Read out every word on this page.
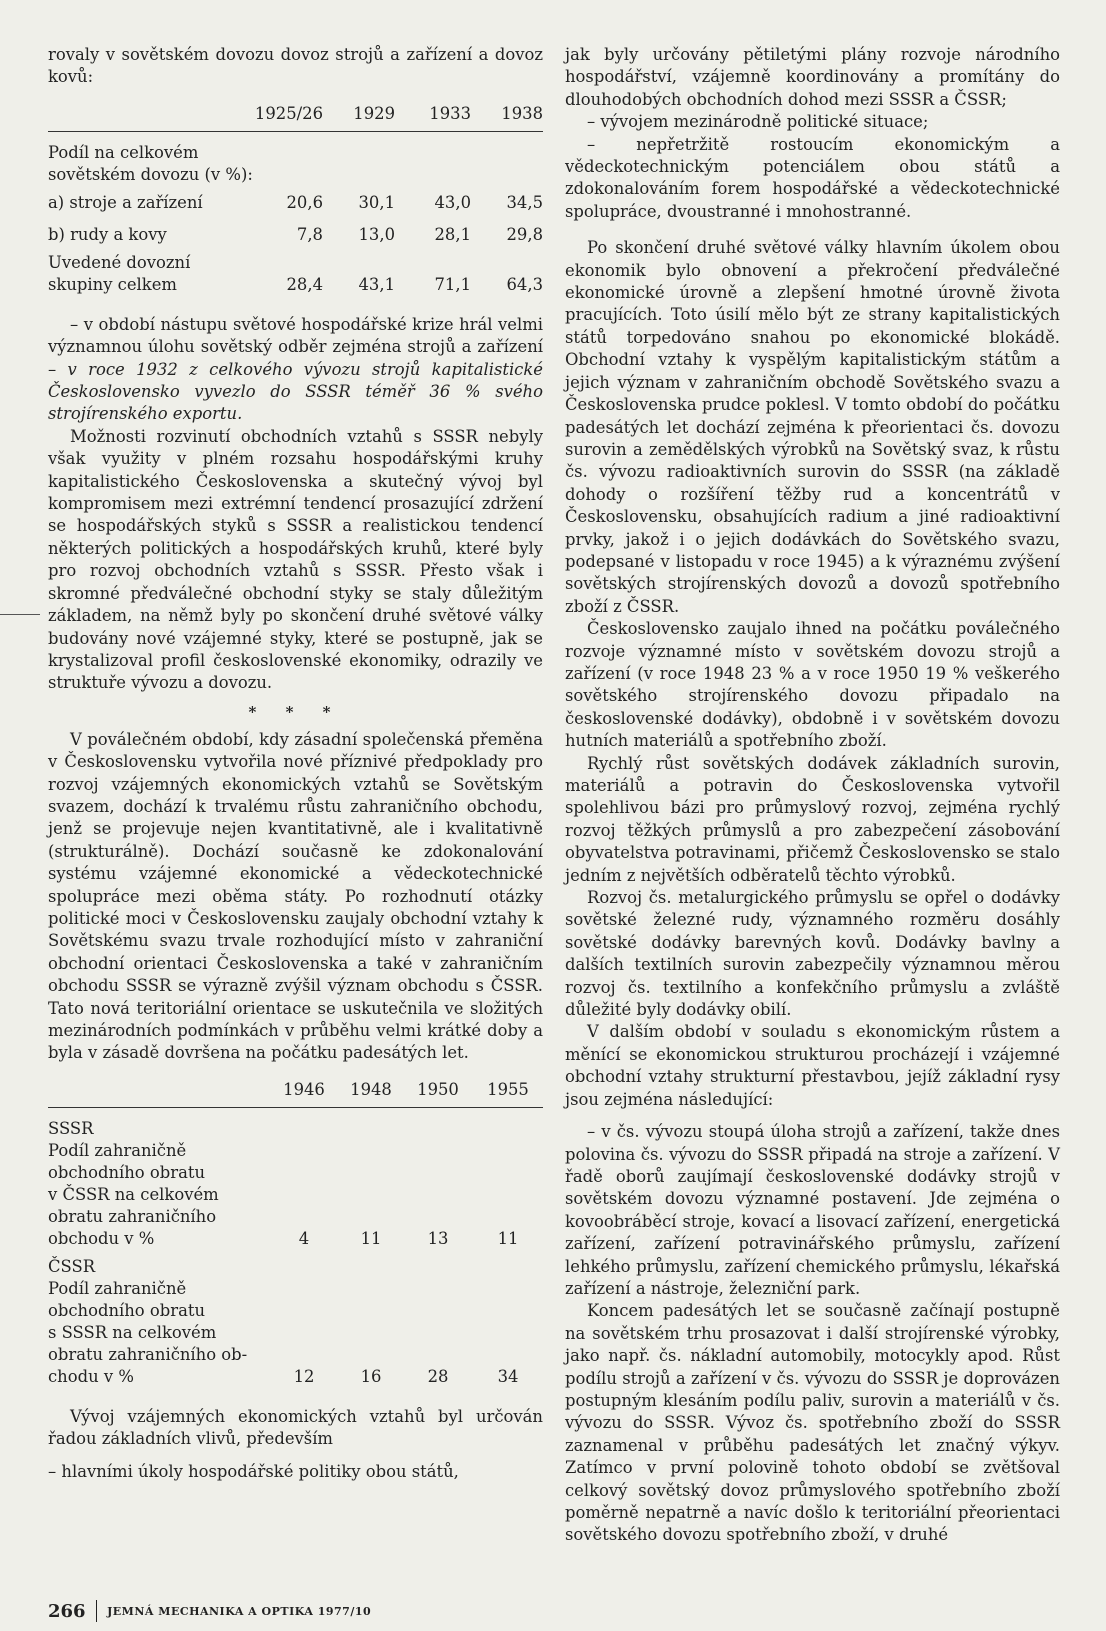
rovaly v sovětském dovozu dovoz strojů a zařízení a dovoz kovů:

1925/26	1929	1933	1938
Podíl na celkovém
sovětském dovozu (v %):
a) stroje a zařízení	20,6	30,1	43,0	34,5
b) rudy a kovy	7,8	13,0	28,1	29,8
Uvedené dovozní
skupiny celkem	28,4	43,1	71,1	64,3

– v období nástupu světové hospodářské krize hrál velmi významnou úlohu sovětský odběr zejména strojů a zařízení – v roce 1932 z celkového vývozu strojů kapitalistické Československo vyvezlo do SSSR téměř 36 % svého strojírenského exportu.

Možnosti rozvinutí obchodních vztahů s SSSR nebyly však využity v plném rozsahu hospodářskými kruhy kapitalistického Československa a skutečný vývoj byl kompromisem mezi extrémní tendencí prosazující zdržení se hospodářských styků s SSSR a realistickou tendencí některých politických a hospodářských kruhů, které byly pro rozvoj obchodních vztahů s SSSR. Přesto však i skromné předválečné obchodní styky se staly důležitým základem, na němž byly po skončení druhé světové války budovány nové vzájemné styky, které se postupně, jak se krystalizoval profil československé ekonomiky, odrazily ve struktuře vývozu a dovozu.

* * *

V poválečném období, kdy zásadní společenská přeměna v Československu vytvořila nové příznivé předpoklady pro rozvoj vzájemných ekonomických vztahů se Sovětským svazem, dochází k trvalému růstu zahraničního obchodu, jenž se projevuje nejen kvantitativně, ale i kvalitativně (strukturálně). Dochází současně ke zdokonalování systému vzájemné ekonomické a vědeckotechnické spolupráce mezi oběma státy. Po rozhodnutí otázky politické moci v Československu zaujaly obchodní vztahy k Sovětskému svazu trvale rozhodující místo v zahraniční obchodní orientaci Československa a také v zahraničním obchodu SSSR se výrazně zvýšil význam obchodu s ČSSR. Tato nová teritoriální orientace se uskutečnila ve složitých mezinárodních podmínkách v průběhu velmi krátké doby a byla v zásadě dovršena na počátku padesátých let.

1946	1948	1950	1955
SSSR
Podíl zahraničně
obchodního obratu
v ČSSR na celkovém
obratu zahraničního
obchodu v %	4	11	13	11
ČSSR
Podíl zahraničně
obchodního obratu
s SSSR na celkovém
obratu zahraničního ob-
chodu v %	12	16	28	34

Vývoj vzájemných ekonomických vztahů byl určován řadou základních vlivů, především

– hlavními úkoly hospodářské politiky obou států,

jak byly určovány pětiletými plány rozvoje národního hospodářství, vzájemně koordinovány a promítány do dlouhodobých obchodních dohod mezi SSSR a ČSSR;

– vývojem mezinárodně politické situace;

– nepřetržitě rostoucím ekonomickým a vědeckotechnickým potenciálem obou států a zdokonalováním forem hospodářské a vědeckotechnické spolupráce, dvoustranné i mnohostranné.

Po skončení druhé světové války hlavním úkolem obou ekonomik bylo obnovení a překročení předválečné ekonomické úrovně a zlepšení hmotné úrovně života pracujících. Toto úsilí mělo být ze strany kapitalistických států torpedováno snahou po ekonomické blokádě. Obchodní vztahy k vyspělým kapitalistickým státům a jejich význam v zahraničním obchodě Sovětského svazu a Československa prudce poklesl. V tomto období do počátku padesátých let dochází zejména k přeorientaci čs. dovozu surovin a zemědělských výrobků na Sovětský svaz, k růstu čs. vývozu radioaktivních surovin do SSSR (na základě dohody o rozšíření těžby rud a koncentrátů v Československu, obsahujících radium a jiné radioaktivní prvky, jakož i o jejich dodávkách do Sovětského svazu, podepsané v listopadu v roce 1945) a k výraznému zvýšení sovětských strojírenských dovozů a dovozů spotřebního zboží z ČSSR.

Československo zaujalo ihned na počátku poválečného rozvoje významné místo v sovětském dovozu strojů a zařízení (v roce 1948 23 % a v roce 1950 19 % veškerého sovětského strojírenského dovozu připadalo na československé dodávky), obdobně i v sovětském dovozu hutních materiálů a spotřebního zboží.

Rychlý růst sovětských dodávek základních surovin, materiálů a potravin do Československa vytvořil spolehlivou bázi pro průmyslový rozvoj, zejména rychlý rozvoj těžkých průmyslů a pro zabezpečení zásobování obyvatelstva potravinami, přičemž Československo se stalo jedním z největších odběratelů těchto výrobků.

Rozvoj čs. metalurgického průmyslu se opřel o dodávky sovětské železné rudy, významného rozměru dosáhly sovětské dodávky barevných kovů. Dodávky bavlny a dalších textilních surovin zabezpečily významnou měrou rozvoj čs. textilního a konfekčního průmyslu a zvláště důležité byly dodávky obilí.

V dalším období v souladu s ekonomickým růstem a měnící se ekonomickou strukturou procházejí i vzájemné obchodní vztahy strukturní přestavbou, jejíž základní rysy jsou zejména následující:

– v čs. vývozu stoupá úloha strojů a zařízení, takže dnes polovina čs. vývozu do SSSR připadá na stroje a zařízení. V řadě oborů zaujímají československé dodávky strojů v sovětském dovozu významné postavení. Jde zejména o kovoobráběcí stroje, kovací a lisovací zařízení, energetická zařízení, zařízení potravinářského průmyslu, zařízení lehkého průmyslu, zařízení chemického průmyslu, lékařská zařízení a nástroje, železniční park.

Koncem padesátých let se současně začínají postupně na sovětském trhu prosazovat i další strojírenské výrobky, jako např. čs. nákladní automobily, motocykly apod. Růst podílu strojů a zařízení v čs. vývozu do SSSR je doprovázen postupným klesáním podílu paliv, surovin a materiálů v čs. vývozu do SSSR. Vývoz čs. spotřebního zboží do SSSR zaznamenal v průběhu padesátých let značný výkyv. Zatímco v první polovině tohoto období se zvětšoval celkový sovětský dovoz průmyslového spotřebního zboží poměrně nepatrně a navíc došlo k teritoriální přeorientaci sovětského dovozu spotřebního zboží, v druhé

266 JEMNÁ MECHANIKA A OPTIKA 1977/10
